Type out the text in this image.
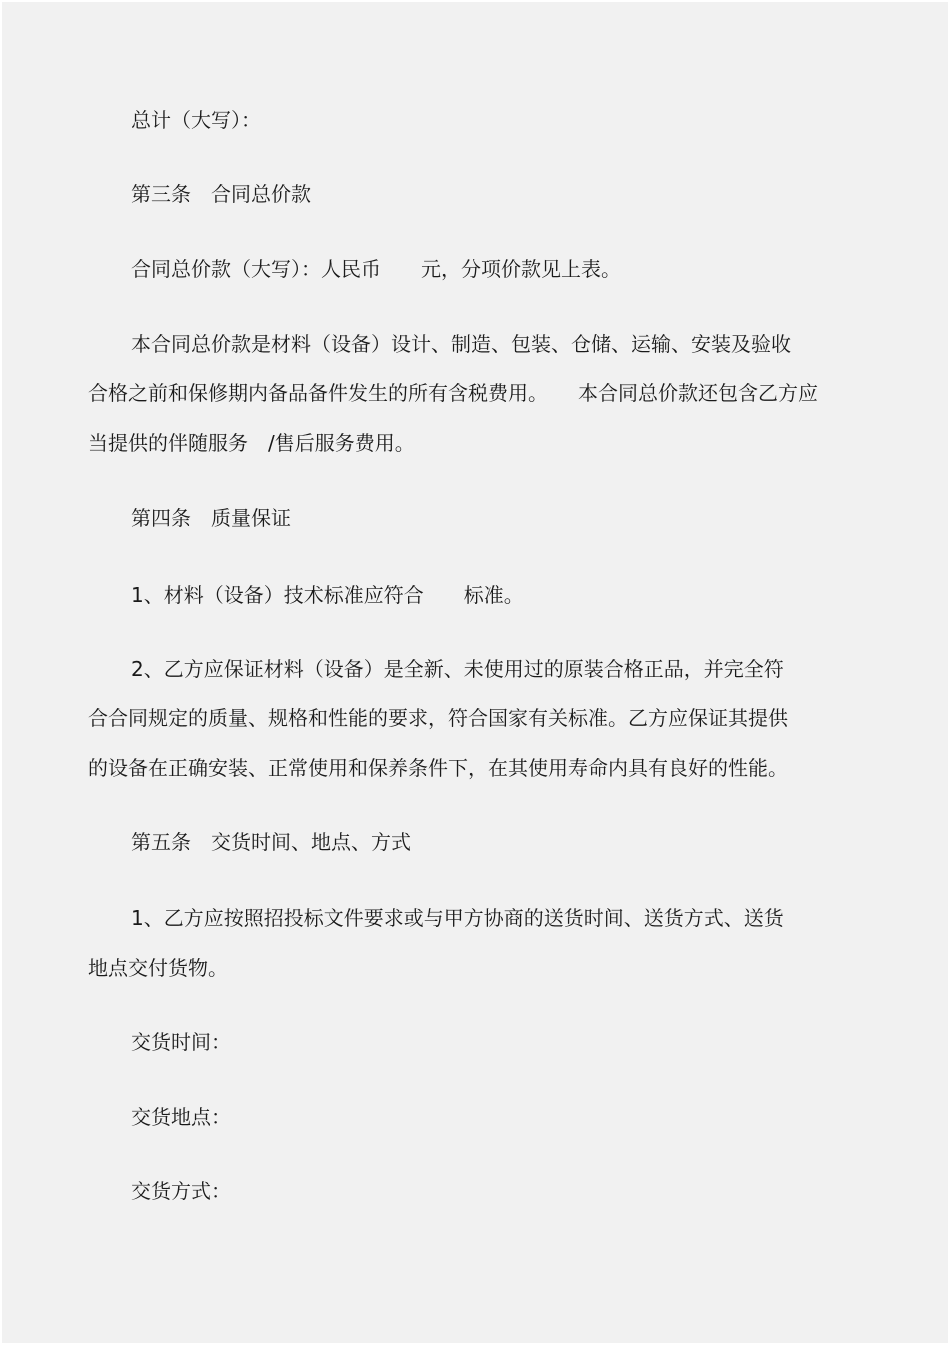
总计（大写）：
第三条　合同总价款
合同总价款（大写）：人民币　　元，分项价款见上表。
本合同总价款是材料（设备）设计、制造、包装、仓储、运输、安装及验收
合格之前和保修期内备品备件发生的所有含税费用。　　本合同总价款还包含乙方应
当提供的伴随服务　/售后服务费用。
第四条　质量保证
1、材料（设备）技术标准应符合　　标准。
2、乙方应保证材料（设备）是全新、未使用过的原装合格正品，并完全符
合合同规定的质量、规格和性能的要求，符合国家有关标准。乙方应保证其提供
的设备在正确安装、正常使用和保养条件下，在其使用寿命内具有良好的性能。
第五条　交货时间、地点、方式
1、乙方应按照招投标文件要求或与甲方协商的送货时间、送货方式、送货
地点交付货物。
交货时间：
交货地点：
交货方式：
